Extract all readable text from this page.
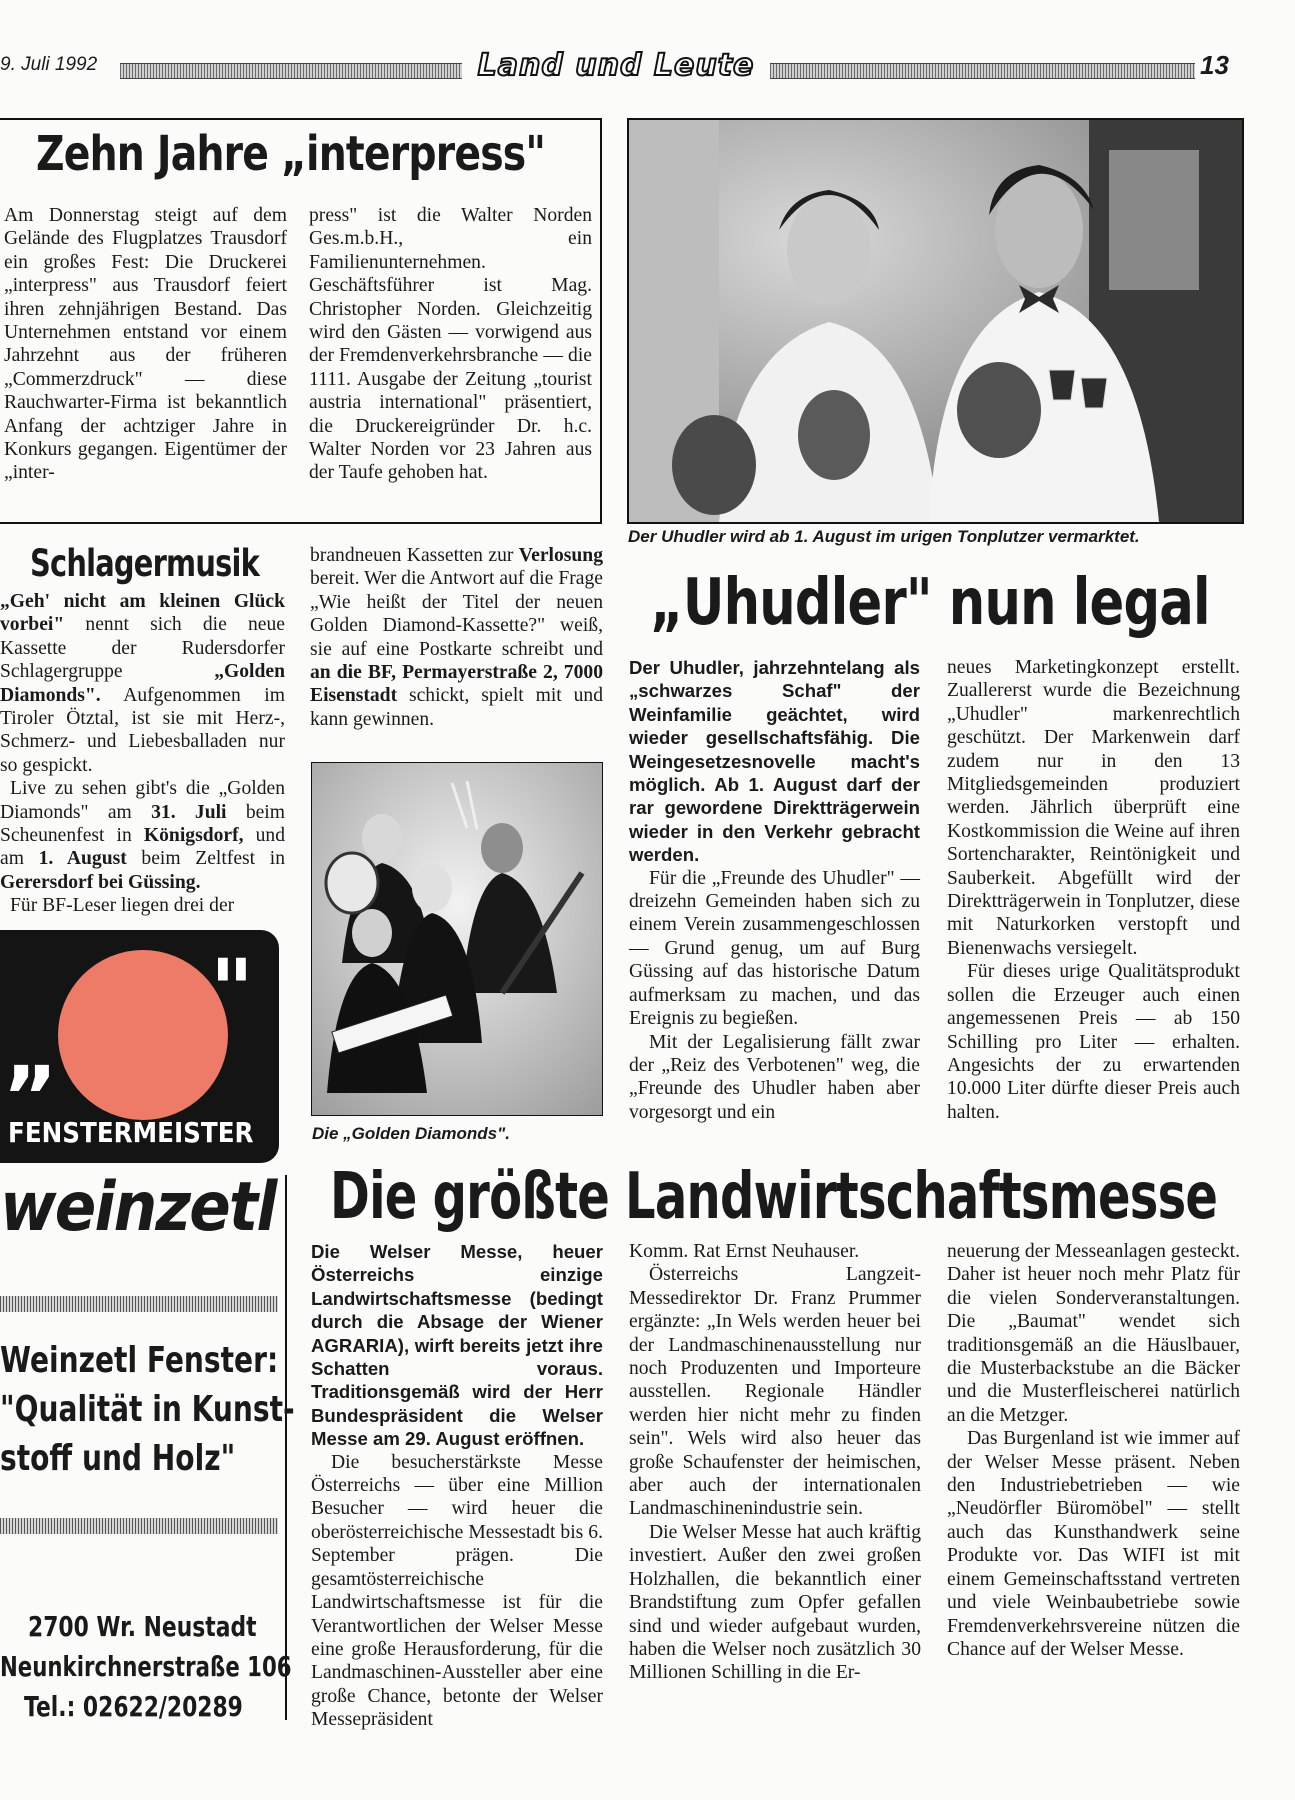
9. Juli 1992	Land und Leute	13
Zehn Jahre „interpress"

Am Donnerstag steigt auf dem Gelände des Flugplatzes Trausdorf ein großes Fest: Die Druckerei „interpress" aus Trausdorf feiert ihren zehnjährigen Bestand. Das Unternehmen entstand vor einem Jahrzehnt aus der früheren „Commerzdruck" — diese Rauchwarter-Firma ist bekanntlich Anfang der achtziger Jahre in Konkurs gegangen. Eigentümer der „inter-

press" ist die Walter Norden Ges.m.b.H., ein Familienunternehmen. Geschäftsführer ist Mag. Christopher Norden. Gleichzeitig wird den Gästen — vorwigend aus der Fremdenverkehrsbranche — die 1111. Ausgabe der Zeitung „tourist austria international" präsentiert, die Druckereigründer Dr. h.c. Walter Norden vor 23 Jahren aus der Taufe gehoben hat.

Der Uhudler wird ab 1. August im urigen Tonplutzer vermarktet.
Schlagermusik

„Geh' nicht am kleinen Glück vorbei" nennt sich die neue Kassette der Rudersdorfer Schlagergruppe „Golden Diamonds". Aufgenommen im Tiroler Ötztal, ist sie mit Herz-, Schmerz- und Liebesballaden nur so gespickt.

Live zu sehen gibt's die „Golden Diamonds" am 31. Juli beim Scheunenfest in Königsdorf, und am 1. August beim Zeltfest in Gerersdorf bei Güssing.

Für BF-Leser liegen drei der

brandneuen Kassetten zur Verlosung bereit. Wer die Antwort auf die Frage „Wie heißt der Titel der neuen Golden Diamond-Kassette?" weiß, sie auf eine Postkarte schreibt und an die BF, Permayerstraße 2, 7000 Eisenstadt schickt, spielt mit und kann gewinnen.

Die „Golden Diamonds".
„Uhudler" nun legal

Der Uhudler, jahrzehntelang als „schwarzes Schaf" der Weinfamilie geächtet, wird wieder gesellschaftsfähig. Die Weingesetzesnovelle macht's möglich. Ab 1. August darf der rar gewordene Direktträgerwein wieder in den Verkehr gebracht werden.

Für die „Freunde des Uhudler" — dreizehn Gemeinden haben sich zu einem Verein zusammengeschlossen — Grund genug, um auf Burg Güssing auf das historische Datum aufmerksam zu machen, und das Ereignis zu begießen.

Mit der Legalisierung fällt zwar der „Reiz des Verbotenen" weg, die „Freunde des Uhudler haben aber vorgesorgt und ein

neues Marketingkonzept erstellt. Zuallererst wurde die Bezeichnung „Uhudler" markenrechtlich geschützt. Der Markenwein darf zudem nur in den 13 Mitgliedsgemeinden produziert werden. Jährlich überprüft eine Kostkommission die Weine auf ihren Sortencharakter, Reintönigkeit und Sauberkeit. Abgefüllt wird der Direktträgerwein in Tonplutzer, diese mit Naturkorken verstopft und Bienenwachs versiegelt.

Für dieses urige Qualitätsprodukt sollen die Erzeuger auch einen angemessenen Preis — ab 150 Schilling pro Liter — erhalten. Angesichts der zu erwartenden 10.000 Liter dürfte dieser Preis auch halten.

"
„
FENSTERMEISTER
weinzetl
Weinzetl Fenster:
"Qualität in Kunst-
stoff und Holz"
2700 Wr. Neustadt
Neunkirchnerstraße 106
Tel.: 02622/20289
Die größte Landwirtschaftsmesse

Die Welser Messe, heuer Österreichs einzige Landwirtschaftsmesse (bedingt durch die Absage der Wiener AGRARIA), wirft bereits jetzt ihre Schatten voraus. Traditionsgemäß wird der Herr Bundespräsident die Welser Messe am 29. August eröffnen.

Die besucherstärkste Messe Österreichs — über eine Million Besucher — wird heuer die oberösterreichische Messestadt bis 6. September prägen. Die gesamtösterreichische Landwirtschaftsmesse ist für die Verantwortlichen der Welser Messe eine große Herausforderung, für die Landmaschinen-Aussteller aber eine große Chance, betonte der Welser Messepräsident

Komm. Rat Ernst Neuhauser.

Österreichs Langzeit-Messedirektor Dr. Franz Prummer ergänzte: „In Wels werden heuer bei der Landmaschinenausstellung nur noch Produzenten und Importeure ausstellen. Regionale Händler werden hier nicht mehr zu finden sein". Wels wird also heuer das große Schaufenster der heimischen, aber auch der internationalen Landmaschinenindustrie sein.

Die Welser Messe hat auch kräftig investiert. Außer den zwei großen Holzhallen, die bekanntlich einer Brandstiftung zum Opfer gefallen sind und wieder aufgebaut wurden, haben die Welser noch zusätzlich 30 Millionen Schilling in die Er-

neuerung der Messeanlagen gesteckt. Daher ist heuer noch mehr Platz für die vielen Sonderveranstaltungen. Die „Baumat" wendet sich traditionsgemäß an die Häuslbauer, die Musterbackstube an die Bäcker und die Musterfleischerei natürlich an die Metzger.

Das Burgenland ist wie immer auf der Welser Messe präsent. Neben den Industriebetrieben — wie „Neudörfler Büromöbel" — stellt auch das Kunsthandwerk seine Produkte vor. Das WIFI ist mit einem Gemeinschaftsstand vertreten und viele Weinbaubetriebe sowie Fremdenverkehrsvereine nützen die Chance auf der Welser Messe.
